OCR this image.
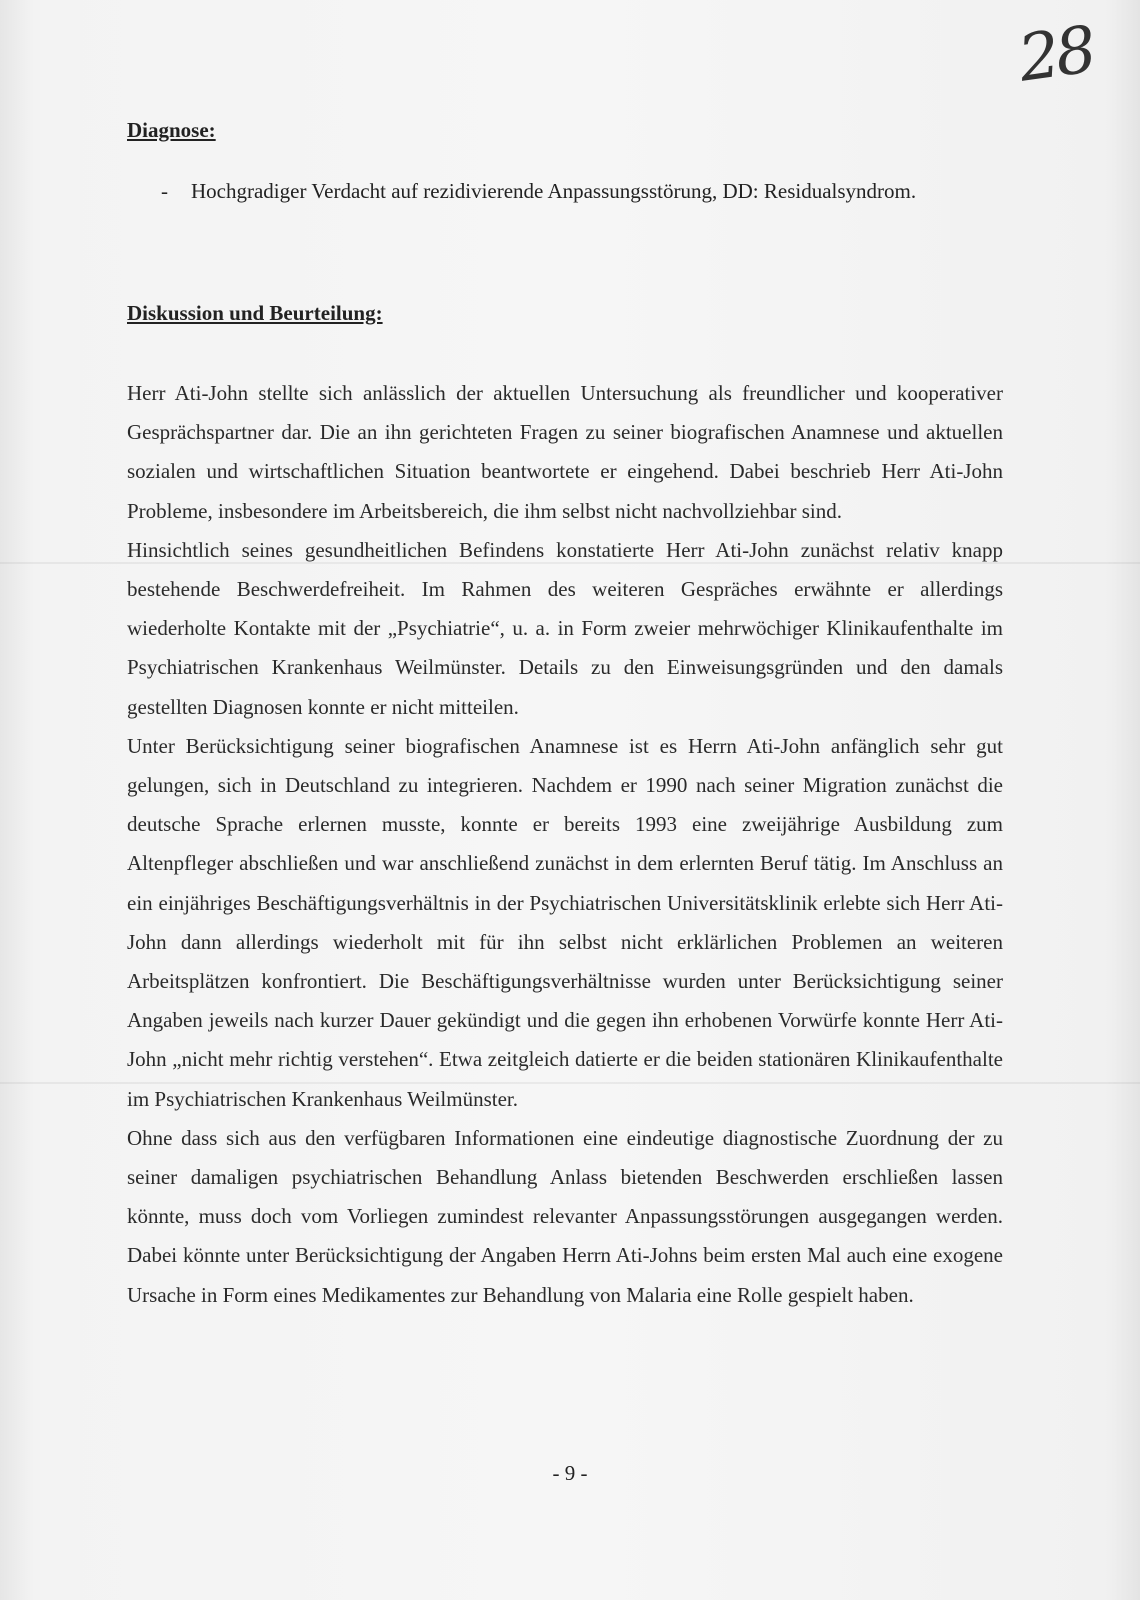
28
Diagnose:
-	Hochgradiger Verdacht auf rezidivierende Anpassungsstörung, DD: Residualsyndrom.
Diskussion und Beurteilung:

Herr Ati-John stellte sich anlässlich der aktuellen Untersuchung als freundlicher und kooperativer Gesprächspartner dar. Die an ihn gerichteten Fragen zu seiner biografischen Anamnese und aktuellen sozialen und wirtschaftlichen Situation beantwortete er eingehend. Dabei beschrieb Herr Ati-John Probleme, insbesondere im Arbeitsbereich, die ihm selbst nicht nachvollziehbar sind.

Hinsichtlich seines gesundheitlichen Befindens konstatierte Herr Ati-John zunächst relativ knapp bestehende Beschwerdefreiheit. Im Rahmen des weiteren Gespräches erwähnte er allerdings wiederholte Kontakte mit der „Psychiatrie“, u. a. in Form zweier mehrwöchiger Klinikaufenthalte im Psychiatrischen Krankenhaus Weilmünster. Details zu den Einweisungsgründen und den damals gestellten Diagnosen konnte er nicht mitteilen.

Unter Berücksichtigung seiner biografischen Anamnese ist es Herrn Ati-John anfänglich sehr gut gelungen, sich in Deutschland zu integrieren. Nachdem er 1990 nach seiner Migration zunächst die deutsche Sprache erlernen musste, konnte er bereits 1993 eine zweijährige Ausbildung zum Altenpfleger abschließen und war anschließend zunächst in dem erlernten Beruf tätig. Im Anschluss an ein einjähriges Beschäftigungsverhältnis in der Psychiatrischen Universitätsklinik erlebte sich Herr Ati-John dann allerdings wiederholt mit für ihn selbst nicht erklärlichen Problemen an weiteren Arbeitsplätzen konfrontiert. Die Beschäftigungsverhältnisse wurden unter Berücksichtigung seiner Angaben jeweils nach kurzer Dauer gekündigt und die gegen ihn erhobenen Vorwürfe konnte Herr Ati-John „nicht mehr richtig verstehen“. Etwa zeitgleich datierte er die beiden stationären Klinikaufenthalte im Psychiatrischen Krankenhaus Weilmünster.

Ohne dass sich aus den verfügbaren Informationen eine eindeutige diagnostische Zuordnung der zu seiner damaligen psychiatrischen Behandlung Anlass bietenden Beschwerden erschließen lassen könnte, muss doch vom Vorliegen zumindest relevanter Anpassungsstörungen ausgegangen werden. Dabei könnte unter Berücksichtigung der Angaben Herrn Ati-Johns beim ersten Mal auch eine exogene Ursache in Form eines Medikamentes zur Behandlung von Malaria eine Rolle gespielt haben.

- 9 -
